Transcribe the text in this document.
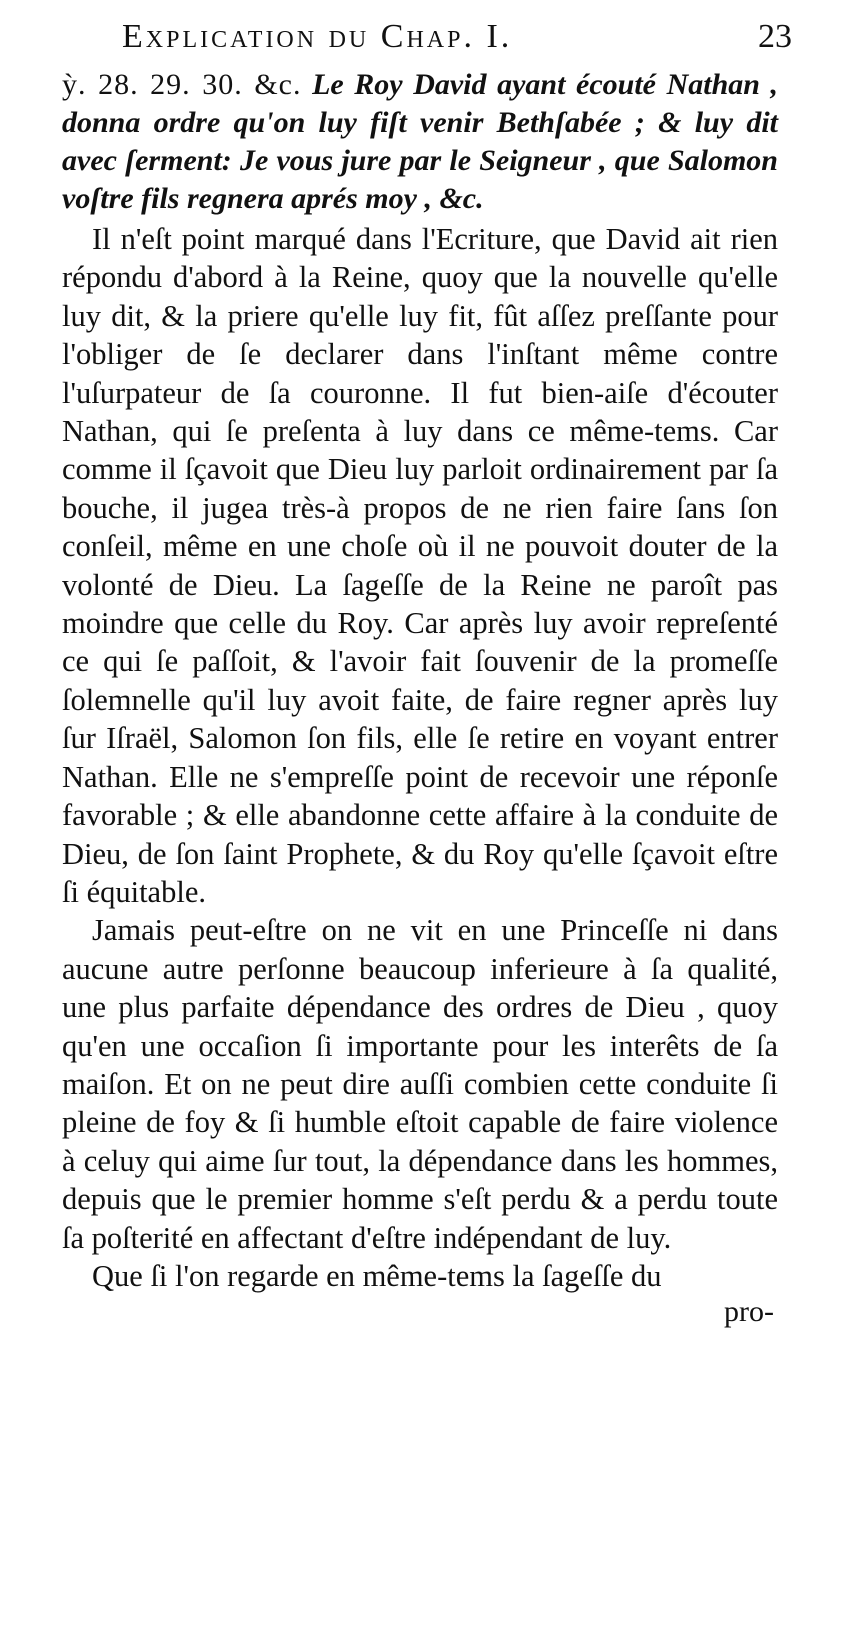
Explication du Chap. I.	23
ỳ. 28. 29. 30. &c. Le Roy David ayant écouté Nathan , donna ordre qu'on luy fiſt venir Bethſabée ; & luy dit avec ſerment: Je vous jure par le Seigneur , que Salomon voſtre fils regnera aprés moy , &c.

Il n'eſt point marqué dans l'Ecriture, que David ait rien répondu d'abord à la Reine, quoy que la nouvelle qu'elle luy dit, & la priere qu'elle luy fit, fût aſſez preſſante pour l'obliger de ſe declarer dans l'inſtant même contre l'uſurpateur de ſa couronne. Il fut bien-aiſe d'écouter Nathan, qui ſe preſenta à luy dans ce même-tems. Car comme il ſçavoit que Dieu luy parloit ordinairement par ſa bouche, il jugea très-à propos de ne rien faire ſans ſon conſeil, même en une choſe où il ne pouvoit douter de la volonté de Dieu. La ſageſſe de la Reine ne paroît pas moindre que celle du Roy. Car après luy avoir repreſenté ce qui ſe paſſoit, & l'avoir fait ſouvenir de la promeſſe ſolemnelle qu'il luy avoit faite, de faire regner après luy ſur Iſraël, Salomon ſon fils, elle ſe retire en voyant entrer Nathan. Elle ne s'empreſſe point de recevoir une réponſe favorable ; & elle abandonne cette affaire à la conduite de Dieu, de ſon ſaint Prophete, & du Roy qu'elle ſçavoit eſtre ſi équitable.

Jamais peut-eſtre on ne vit en une Princeſſe ni dans aucune autre perſonne beaucoup inferieure à ſa qualité, une plus parfaite dépendance des ordres de Dieu , quoy qu'en une occaſion ſi importante pour les interêts de ſa maiſon. Et on ne peut dire auſſi combien cette conduite ſi pleine de foy & ſi humble eſtoit capable de faire violence à celuy qui aime ſur tout, la dépendance dans les hommes, depuis que le premier homme s'eſt perdu & a perdu toute ſa poſterité en affectant d'eſtre indépendant de luy.

Que ſi l'on regarde en même-tems la ſageſſe du

pro-
